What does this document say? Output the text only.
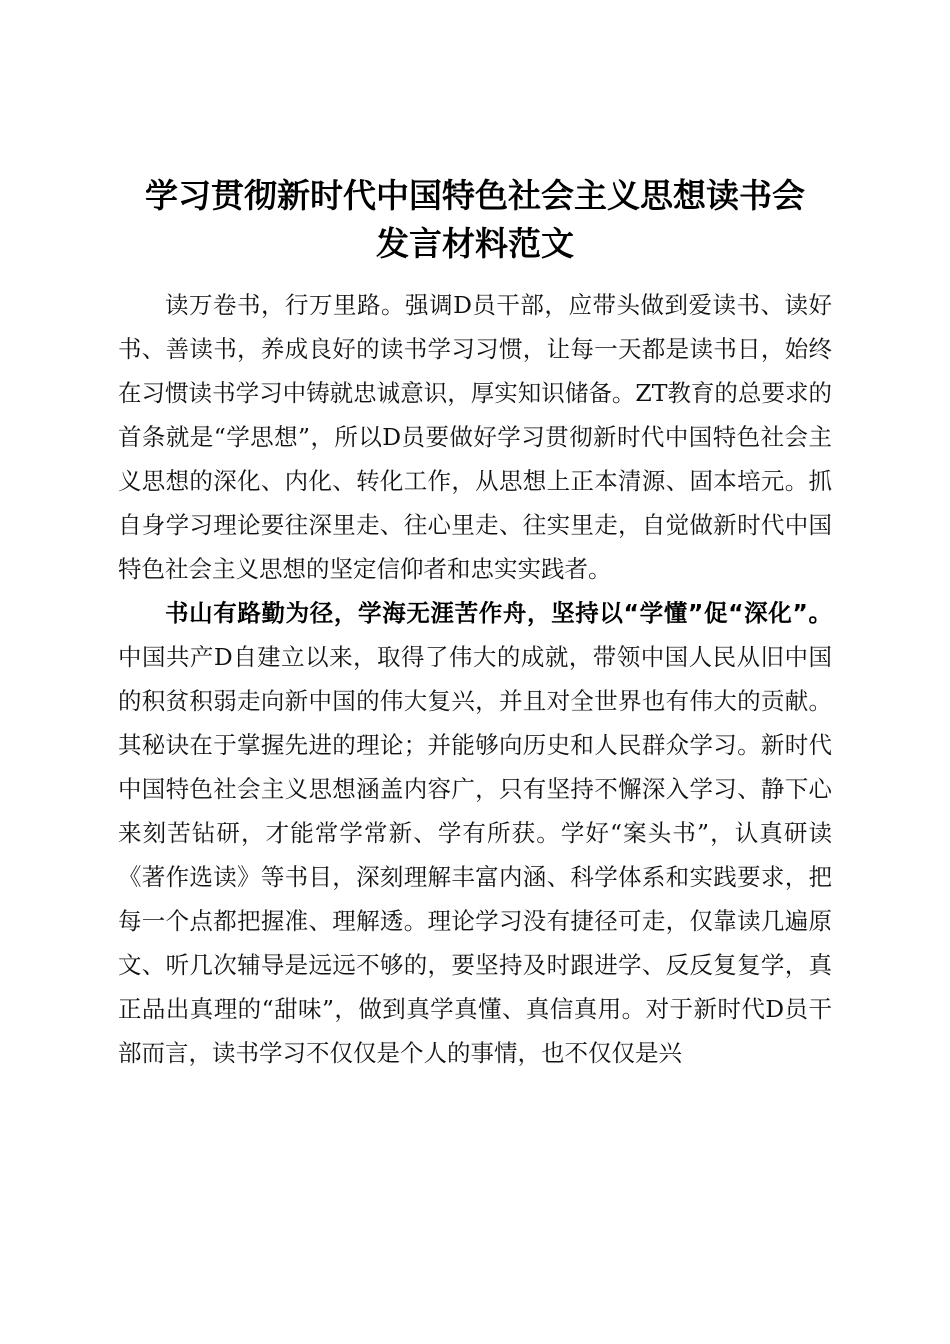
学习贯彻新时代中国特色社会主义思想读书会
发言材料范文

读万卷书，行万里路。强调D员干部，应带头做到爱读书、读好书、善读书，养成良好的读书学习习惯，让每一天都是读书日，始终在习惯读书学习中铸就忠诚意识，厚实知识储备。ZT教育的总要求的首条就是“学思想”，所以D员要做好学习贯彻新时代中国特色社会主义思想的深化、内化、转化工作，从思想上正本清源、固本培元。抓自身学习理论要往深里走、往心里走、往实里走，自觉做新时代中国特色社会主义思想的坚定信仰者和忠实实践者。

书山有路勤为径，学海无涯苦作舟，坚持以“学懂”促“深化”。中国共产D自建立以来，取得了伟大的成就，带领中国人民从旧中国的积贫积弱走向新中国的伟大复兴，并且对全世界也有伟大的贡献。其秘诀在于掌握先进的理论；并能够向历史和人民群众学习。新时代中国特色社会主义思想涵盖内容广，只有坚持不懈深入学习、静下心来刻苦钻研，才能常学常新、学有所获。学好“案头书”，认真研读《著作选读》等书目，深刻理解丰富内涵、科学体系和实践要求，把每一个点都把握准、理解透。理论学习没有捷径可走，仅靠读几遍原文、听几次辅导是远远不够的，要坚持及时跟进学、反反复复学，真正品出真理的“甜味”，做到真学真懂、真信真用。对于新时代D员干部而言，读书学习不仅仅是个人的事情，也不仅仅是兴
